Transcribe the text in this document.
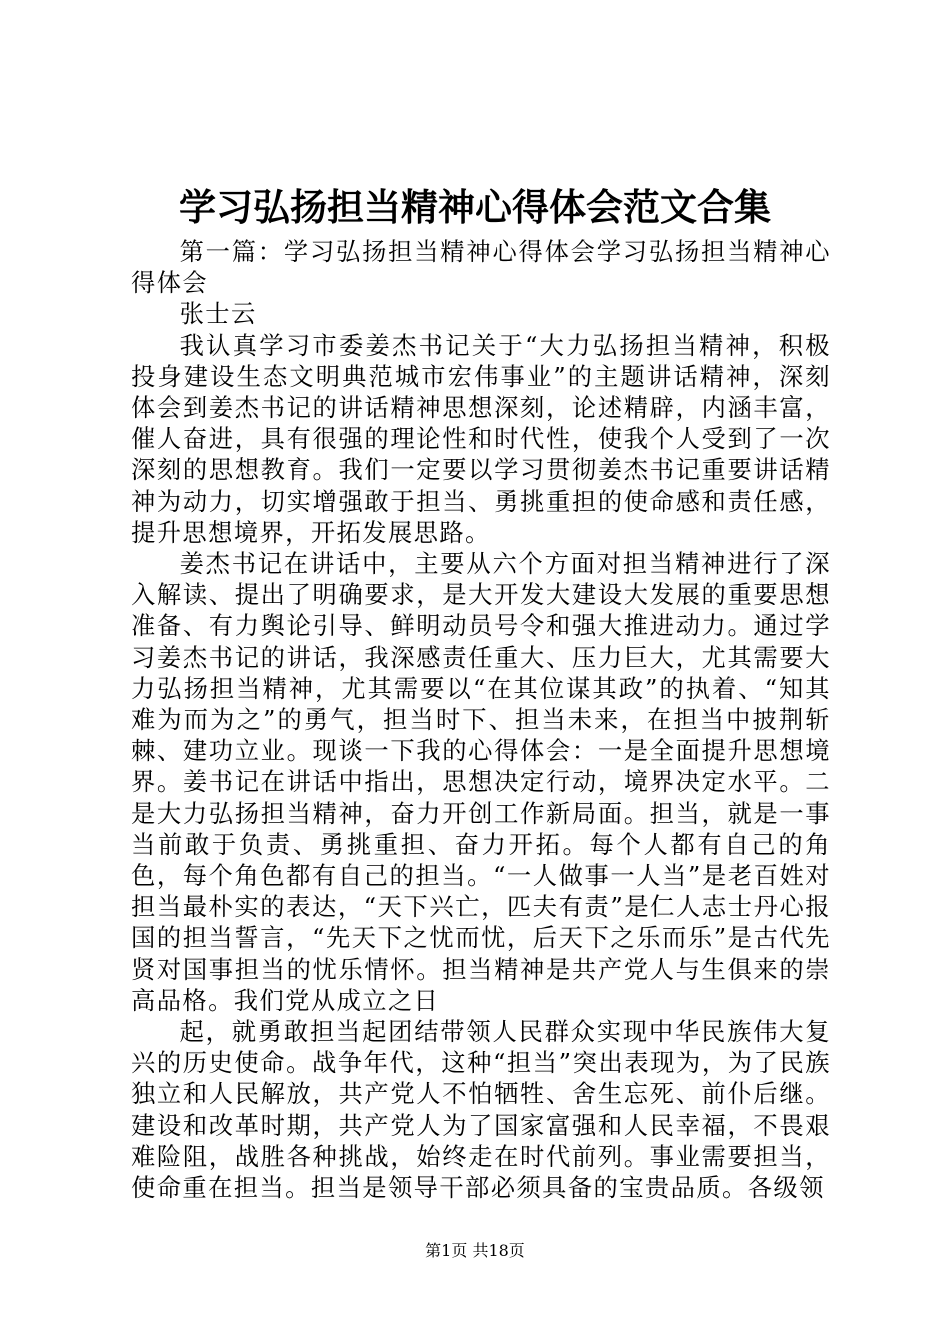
学习弘扬担当精神心得体会范文合集

第一篇：学习弘扬担当精神心得体会学习弘扬担当精神心得体会

张士云

我认真学习市委姜杰书记关于“大力弘扬担当精神，积极投身建设生态文明典范城市宏伟事业”的主题讲话精神，深刻体会到姜杰书记的讲话精神思想深刻，论述精辟，内涵丰富，催人奋进，具有很强的理论性和时代性，使我个人受到了一次深刻的思想教育。我们一定要以学习贯彻姜杰书记重要讲话精神为动力，切实增强敢于担当、勇挑重担的使命感和责任感，提升思想境界，开拓发展思路。

姜杰书记在讲话中，主要从六个方面对担当精神进行了深入解读、提出了明确要求，是大开发大建设大发展的重要思想准备、有力舆论引导、鲜明动员号令和强大推进动力。通过学习姜杰书记的讲话，我深感责任重大、压力巨大，尤其需要大力弘扬担当精神，尤其需要以“在其位谋其政”的执着、“知其难为而为之”的勇气，担当时下、担当未来，在担当中披荆斩棘、建功立业。现谈一下我的心得体会：一是全面提升思想境界。姜书记在讲话中指出，思想决定行动，境界决定水平。二是大力弘扬担当精神，奋力开创工作新局面。担当，就是一事当前敢于负责、勇挑重担、奋力开拓。每个人都有自己的角色，每个角色都有自己的担当。“一人做事一人当”是老百姓对担当最朴实的表达，“天下兴亡，匹夫有责”是仁人志士丹心报国的担当誓言，“先天下之忧而忧，后天下之乐而乐”是古代先贤对国事担当的忧乐情怀。担当精神是共产党人与生俱来的崇高品格。我们党从成立之日

起，就勇敢担当起团结带领人民群众实现中华民族伟大复兴的历史使命。战争年代，这种“担当”突出表现为，为了民族独立和人民解放，共产党人不怕牺牲、舍生忘死、前仆后继。建设和改革时期，共产党人为了国家富强和人民幸福，不畏艰难险阻，战胜各种挑战，始终走在时代前列。事业需要担当，使命重在担当。担当是领导干部必须具备的宝贵品质。各级领

第1页 共18页
